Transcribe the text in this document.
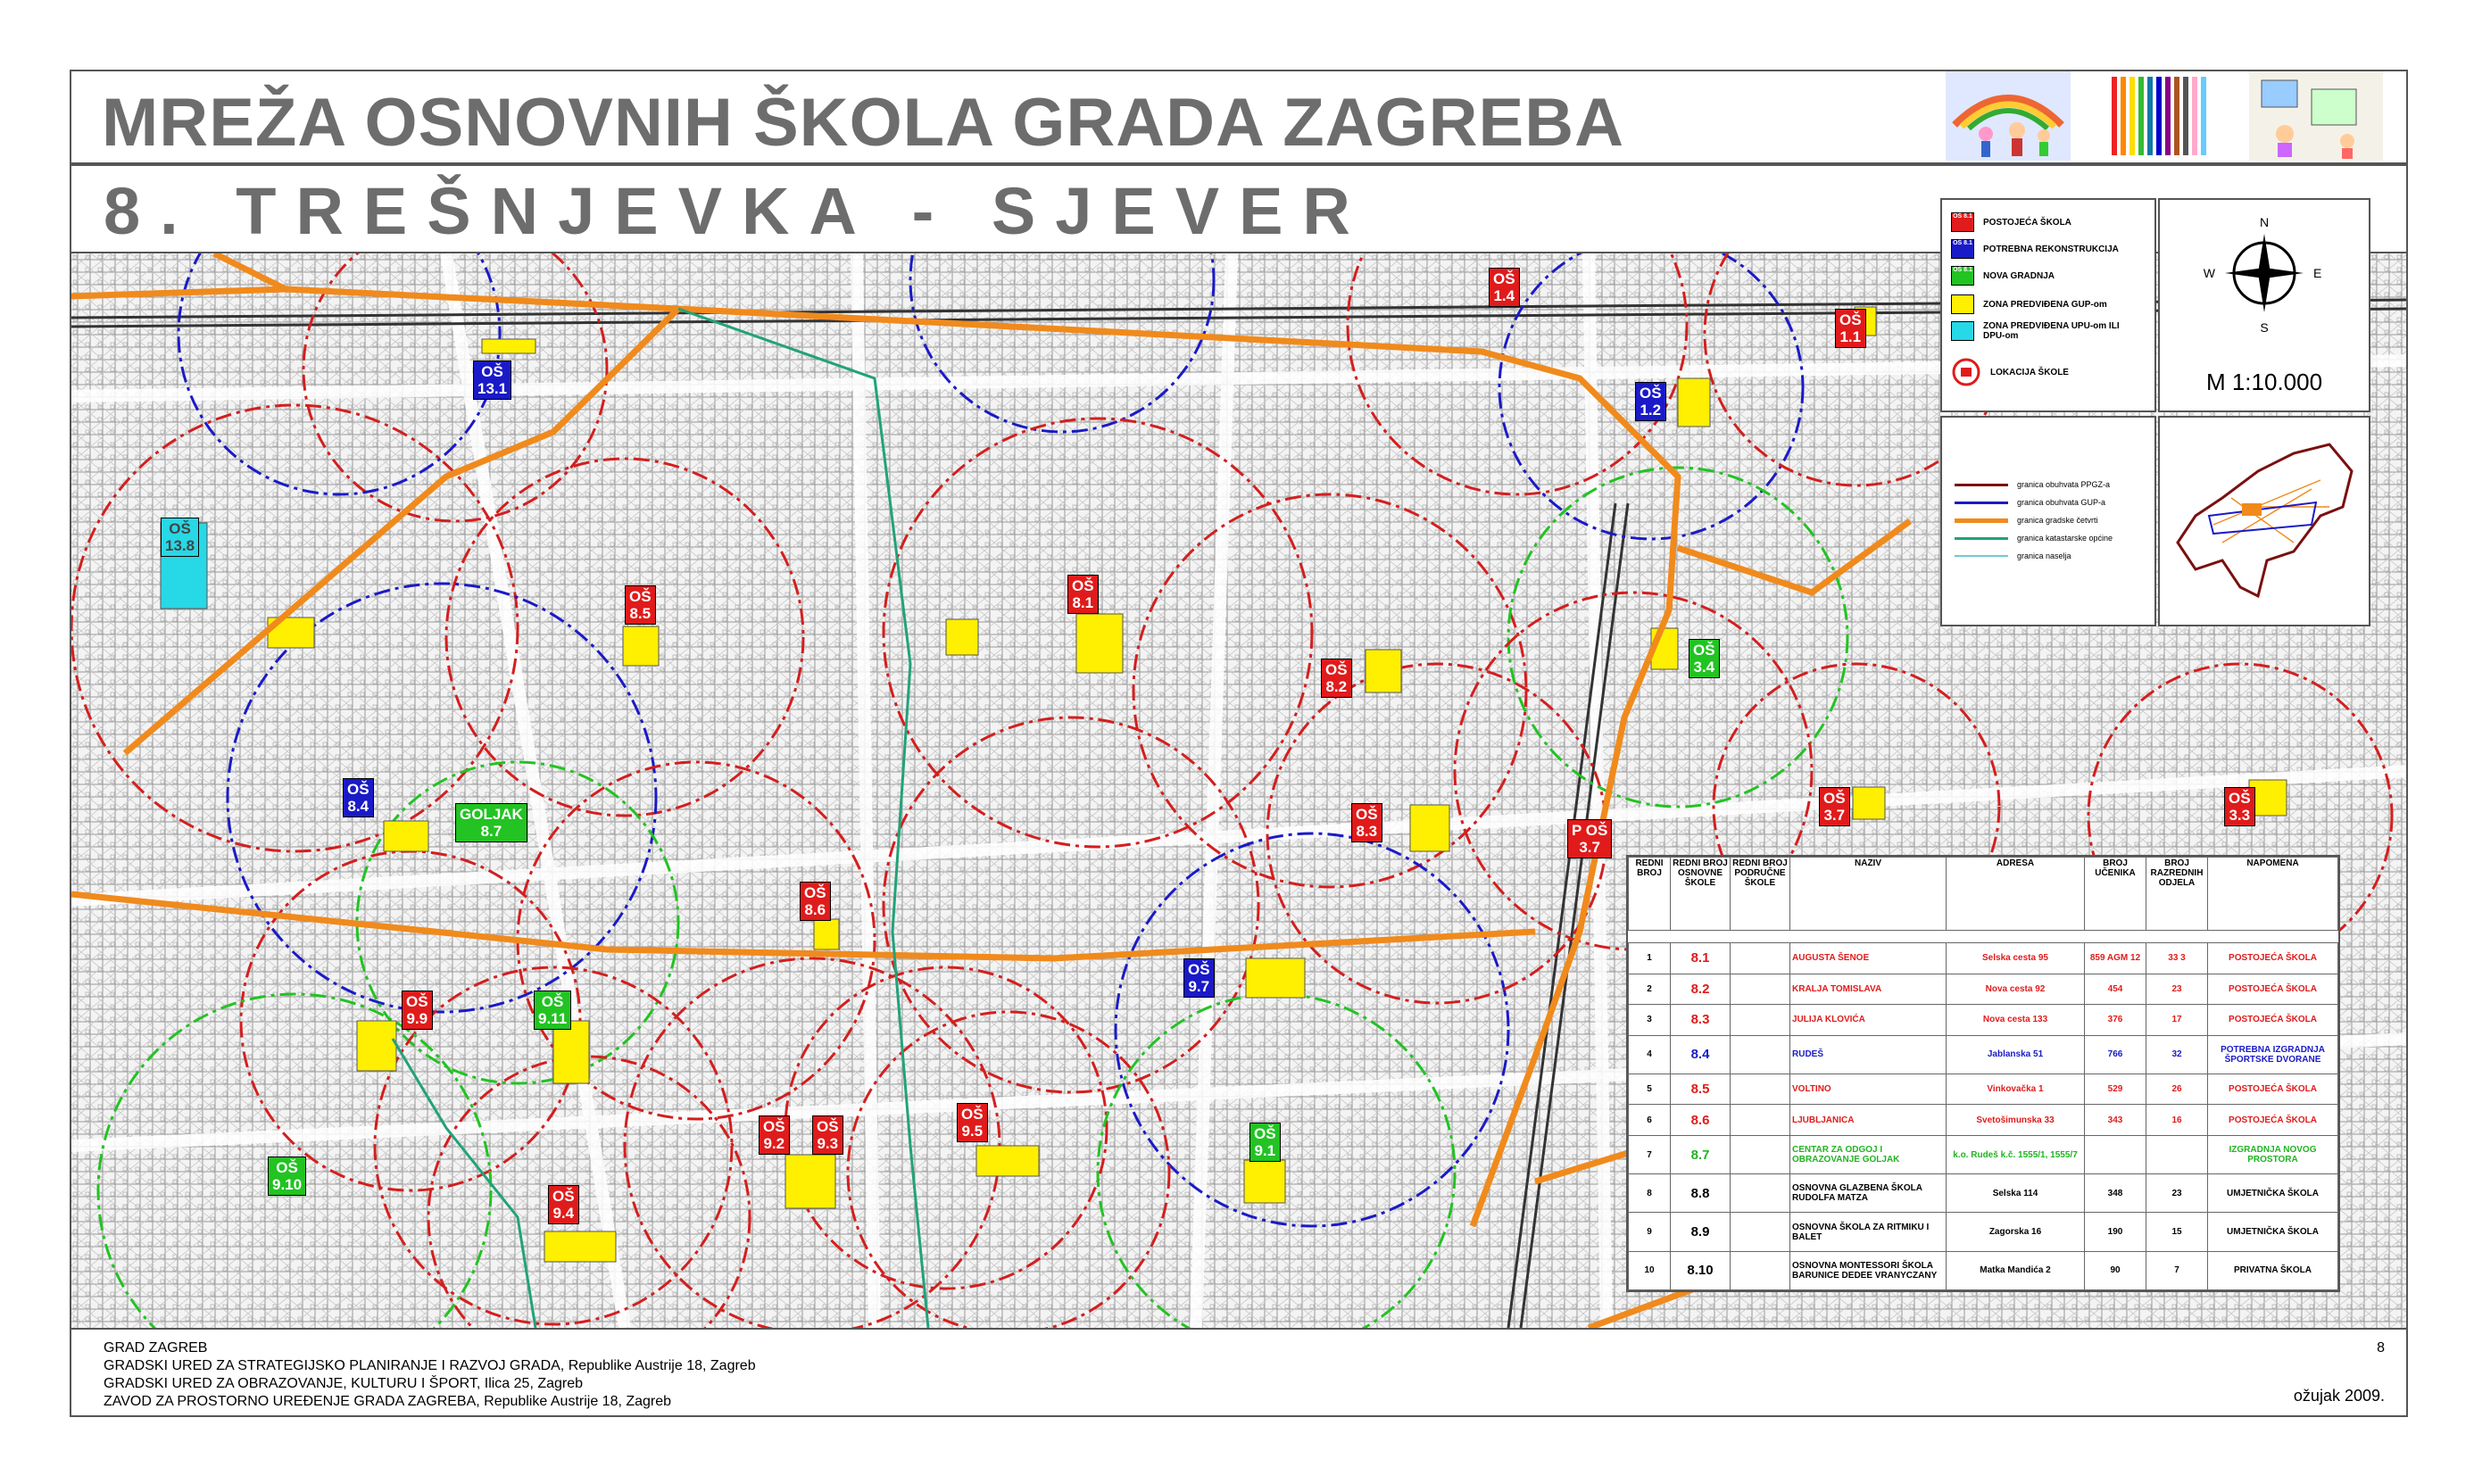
MREŽA OSNOVNIH ŠKOLA GRADA ZAGREBA
8. TREŠNJEVKA - SJEVER
OŠ
1.4
OŠ
1.1
OŠ
13.1	OŠ
1.2
OŠ
13.8
OŠ
8.5
OŠ
8.1
OŠ
8.2
OŠ
3.4
OŠ
8.4	GOLJAK
8.7
OŠ
8.3
OŠ
3.7
OŠ
3.3
OŠ
8.6
OŠ
9.7
OŠ
9.9
OŠ
9.11
OŠ
9.2
OŠ
9.3
OŠ
9.5	OŠ
9.1
OŠ
9.10
OŠ
9.4
P OŠ
3.7
OŠ 8.1
POSTOJEĆA ŠKOLA
OŠ 8.1
POTREBNA REKONSTRUKCIJA
OŠ 8.1
NOVA GRADNJA
ZONA PREDVIĐENA GUP-om
ZONA PREDVIĐENA UPU-om ILI DPU-om
LOKACIJA ŠKOLE
N
S
W	E
M 1:10.000
granica obuhvata PPGZ-a
granica obuhvata GUP-a
granica gradske četvrti
granica katastarske općine
granica naselja
REDNI BROJ	REDNI BROJ OSNOVNE ŠKOLE	REDNI BROJ PODRUČNE ŠKOLE	NAZIV	ADRESA	BROJ UČENIKA	BROJ RAZREDNIH ODJELA	NAPOMENA

1	8.1		AUGUSTA ŠENOE	Selska cesta 95	859 AGM 12	33 3	POSTOJEĆA ŠKOLA
2	8.2		KRALJA TOMISLAVA	Nova cesta 92	454	23	POSTOJEĆA ŠKOLA
3	8.3		JULIJA KLOVIĆA	Nova cesta 133	376	17	POSTOJEĆA ŠKOLA
4	8.4		RUDEŠ	Jablanska 51	766	32	POTREBNA IZGRADNJA ŠPORTSKE DVORANE
5	8.5		VOLTINO	Vinkovačka 1	529	26	POSTOJEĆA ŠKOLA
6	8.6		LJUBLJANICA	Svetošimunska 33	343	16	POSTOJEĆA ŠKOLA
7	8.7		CENTAR ZA ODGOJ I OBRAZOVANJE GOLJAK	k.o. Rudeš k.č. 1555/1, 1555/7			IZGRADNJA NOVOG PROSTORA
8	8.8		OSNOVNA GLAZBENA ŠKOLA RUDOLFA MATZA	Selska 114	348	23	UMJETNIČKA ŠKOLA
9	8.9		OSNOVNA ŠKOLA ZA RITMIKU I BALET	Zagorska 16	190	15	UMJETNIČKA ŠKOLA
10	8.10		OSNOVNA MONTESSORI ŠKOLA BARUNICE DEDEE VRANYCZANY	Matka Mandića 2	90	7	PRIVATNA ŠKOLA
GRAD ZAGREB
GRADSKI URED ZA STRATEGIJSKO PLANIRANJE I RAZVOJ GRADA, Republike Austrije 18, Zagreb
GRADSKI URED ZA OBRAZOVANJE, KULTURU I ŠPORT, Ilica 25, Zagreb
ZAVOD ZA PROSTORNO UREĐENJE GRADA ZAGREBA, Republike Austrije 18, Zagreb
8
ožujak 2009.
